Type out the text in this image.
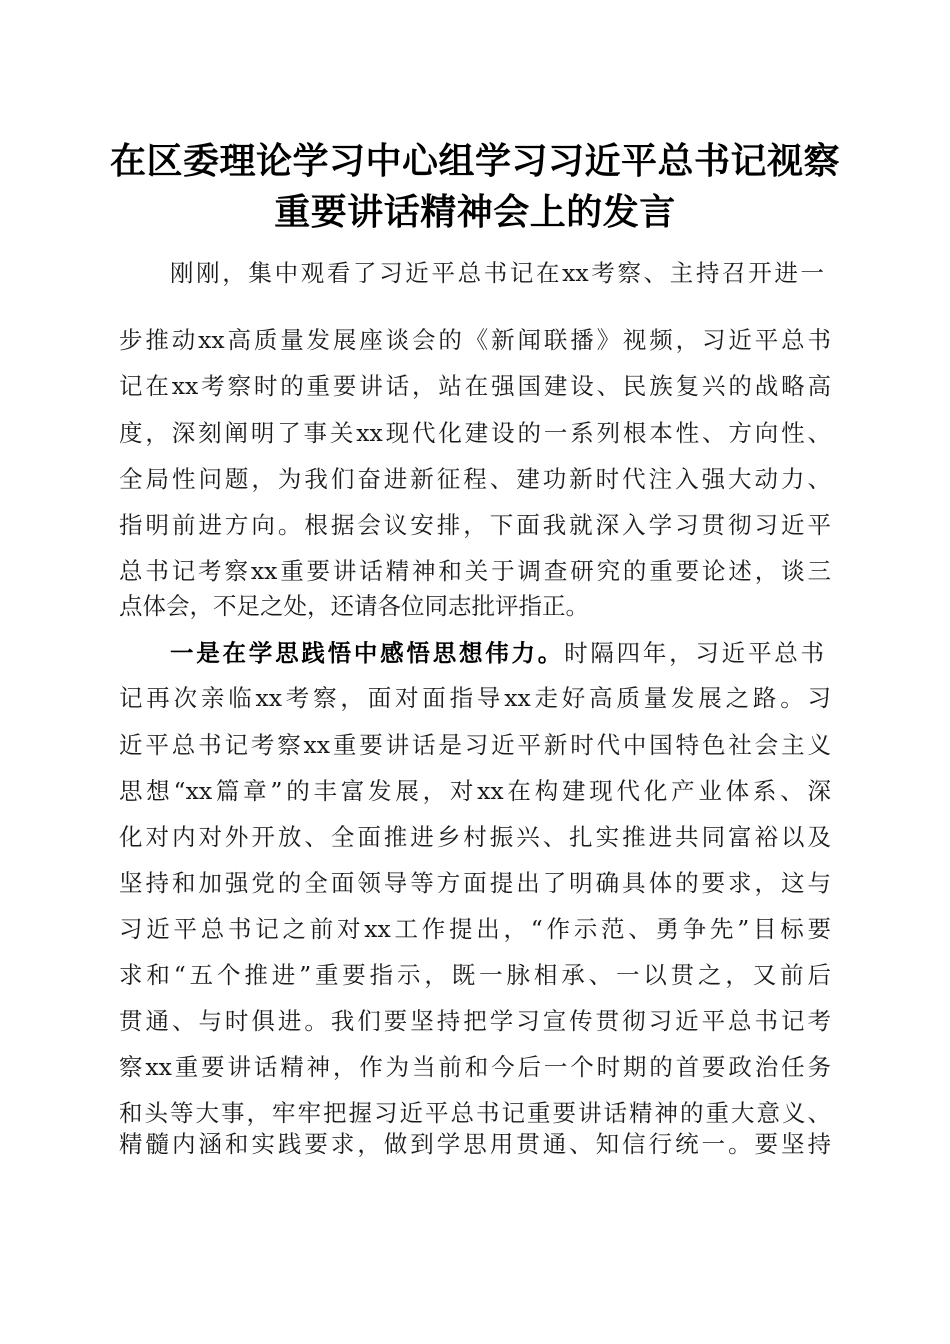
在区委理论学习中心组学习习近平总书记视察
重要讲话精神会上的发言
刚刚，集中观看了习近平总书记在xx考察、主持召开进一
步推动xx高质量发展座谈会的《新闻联播》视频，习近平总书
记在xx考察时的重要讲话，站在强国建设、民族复兴的战略高
度，深刻阐明了事关xx现代化建设的一系列根本性、方向性、
全局性问题，为我们奋进新征程、建功新时代注入强大动力、
指明前进方向。根据会议安排，下面我就深入学习贯彻习近平
总书记考察xx重要讲话精神和关于调查研究的重要论述，谈三
点体会，不足之处，还请各位同志批评指正。
一是在学思践悟中感悟思想伟力。时隔四年，习近平总书
记再次亲临xx考察，面对面指导xx走好高质量发展之路。习
近平总书记考察xx重要讲话是习近平新时代中国特色社会主义
思想“xx篇章”的丰富发展，对xx在构建现代化产业体系、深
化对内对外开放、全面推进乡村振兴、扎实推进共同富裕以及
坚持和加强党的全面领导等方面提出了明确具体的要求，这与
习近平总书记之前对xx工作提出，“作示范、勇争先”目标要
求和“五个推进”重要指示，既一脉相承、一以贯之，又前后
贯通、与时俱进。我们要坚持把学习宣传贯彻习近平总书记考
察xx重要讲话精神，作为当前和今后一个时期的首要政治任务
和头等大事，牢牢把握习近平总书记重要讲话精神的重大意义、
精髓内涵和实践要求，做到学思用贯通、知信行统一。要坚持
